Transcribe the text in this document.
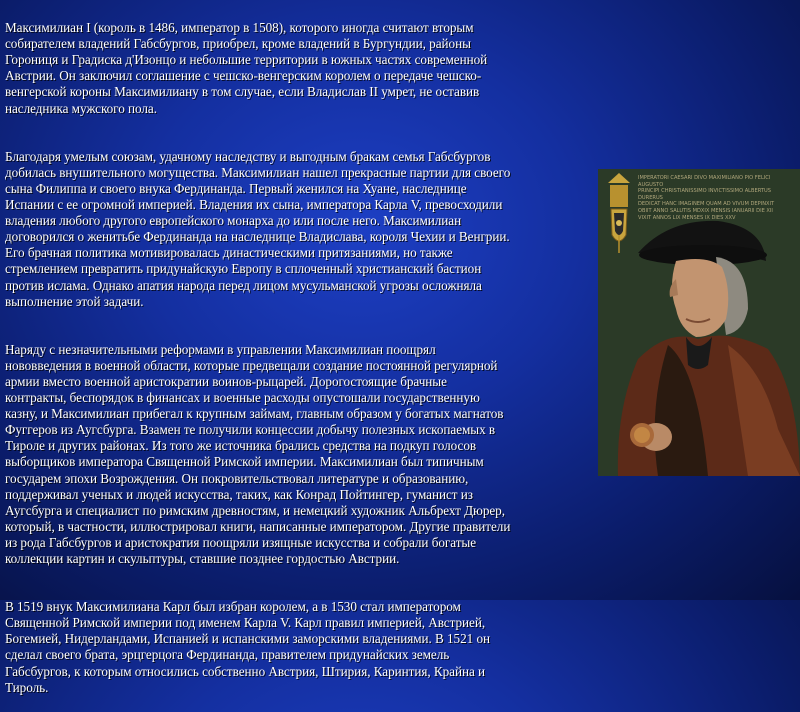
Максимилиан I (король в 1486, император в 1508), которого иногда считают вторым
собирателем владений Габсбургов, приобрел, кроме владений в Бургундии, районы
Горониця и Градиска д'Изонцо и небольшие территории в южных частях современной
Австрии. Он заключил соглашение с чешско-венгерским королем о передаче чешско-
венгерской короны Максимилиану в том случае, если Владислав II умрет, не оставив
наследника мужского пола.

Благодаря умелым союзам, удачному наследству и выгодным бракам семья Габсбургов
добилась внушительного могущества. Максимилиан нашел прекрасные партии для своего
сына Филиппа и своего внука Фердинанда. Первый женился на Хуане, наследнице
Испании с ее огромной империей. Владения их сына, императора Карла V, превосходили
владения любого другого европейского монарха до или после него. Максимилиан
договорился о женитьбе Фердинанда на наследнице Владислава, короля Чехии и Венгрии.
Его брачная политика мотивировалась династическими притязаниями, но также
стремлением превратить придунайскую Европу в сплоченный христианский бастион
против ислама. Однако апатия народа перед лицом мусульманской угрозы осложняла
выполнение этой задачи.

Наряду с незначительными реформами в управлении Максимилиан поощрял
нововведения в военной области, которые предвещали создание постоянной регулярной
армии вместо военной аристократии воинов-рыцарей. Дорогостоящие брачные
контракты, беспорядок в финансах и военные расходы опустошали государственную
казну, и Максимилиан прибегал к крупным займам, главным образом у богатых магнатов
Фуггеров из Аугсбурга. Взамен те получили концессии добычу полезных ископаемых в
Тироле и других районах. Из того же источника брались средства на подкуп голосов
выборщиков императора Священной Римской империи. Максимилиан был типичным
государем эпохи Возрождения. Он покровительствовал литературе и образованию,
поддерживал ученых и людей искусства, таких, как Конрад Пойтингер, гуманист из
Аугсбурга и специалист по римским древностям, и немецкий художник Альбрехт Дюрер,
который, в частности, иллюстрировал книги, написанные императором. Другие правители
из рода Габсбургов и аристократия поощряли изящные искусства и собрали богатые
коллекции картин и скульптуры, ставшие позднее гордостью Австрии.

В 1519 внук Максимилиана Карл был избран королем, а в 1530 стал императором
Священной Римской империи под именем Карла V. Карл правил империей, Австрией,
Богемией, Нидерландами, Испанией и испанскими заморскими владениями. В 1521 он
сделал своего брата, эрцгерцога Фердинанда, правителем придунайских земель
Габсбургов, к которым относились собственно Австрия, Штирия, Каринтия, Крайна и
Тироль.

IMPERATORI CAESARI DIVO MAXIMILIANO PIO FELICI AUGUSTO
PRINCIPI CHRISTIANISSIMO INVICTISSIMO ALBERTUS DURERUS
DEDICAT HANC IMAGINEM QUAM AD VIVUM DEPINXIT
OBIIT ANNO SALUTIS MDXIX MENSIS IANUARII DIE XII
VIXIT ANNOS LIX MENSES IX DIES XXV
